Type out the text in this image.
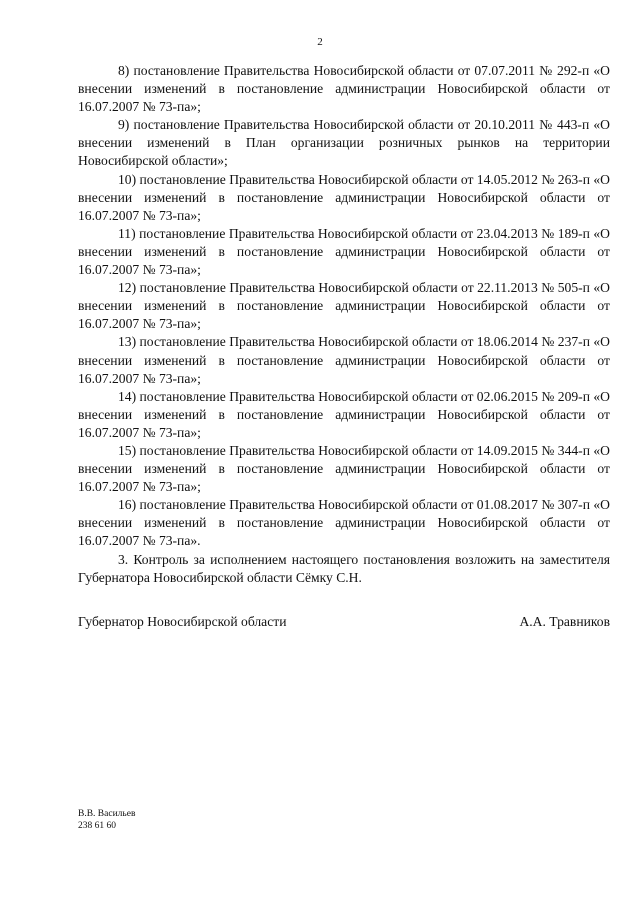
2

8) постановление Правительства Новосибирской области от 07.07.2011 № 292-п «О внесении изменений в постановление администрации Новосибирской области от 16.07.2007 № 73-па»;

9) постановление Правительства Новосибирской области от 20.10.2011 № 443-п «О внесении изменений в План организации розничных рынков на территории Новосибирской области»;

10) постановление Правительства Новосибирской области от 14.05.2012 № 263-п «О внесении изменений в постановление администрации Новосибирской области от 16.07.2007 № 73-па»;

11) постановление Правительства Новосибирской области от 23.04.2013 № 189-п «О внесении изменений в постановление администрации Новосибирской области от 16.07.2007 № 73-па»;

12) постановление Правительства Новосибирской области от 22.11.2013 № 505-п «О внесении изменений в постановление администрации Новосибирской области от 16.07.2007 № 73-па»;

13) постановление Правительства Новосибирской области от 18.06.2014 № 237-п «О внесении изменений в постановление администрации Новосибирской области от 16.07.2007 № 73-па»;

14) постановление Правительства Новосибирской области от 02.06.2015 № 209-п «О внесении изменений в постановление администрации Новосибирской области от 16.07.2007 № 73-па»;

15) постановление Правительства Новосибирской области от 14.09.2015 № 344-п «О внесении изменений в постановление администрации Новосибирской области от 16.07.2007 № 73-па»;

16) постановление Правительства Новосибирской области от 01.08.2017 № 307-п «О внесении изменений в постановление администрации Новосибирской области от 16.07.2007 № 73-па».

3. Контроль за исполнением настоящего постановления возложить на заместителя Губернатора Новосибирской области Сёмку С.Н.

Губернатор Новосибирской области	А.А. Травников
В.В. Васильев
238 61 60
